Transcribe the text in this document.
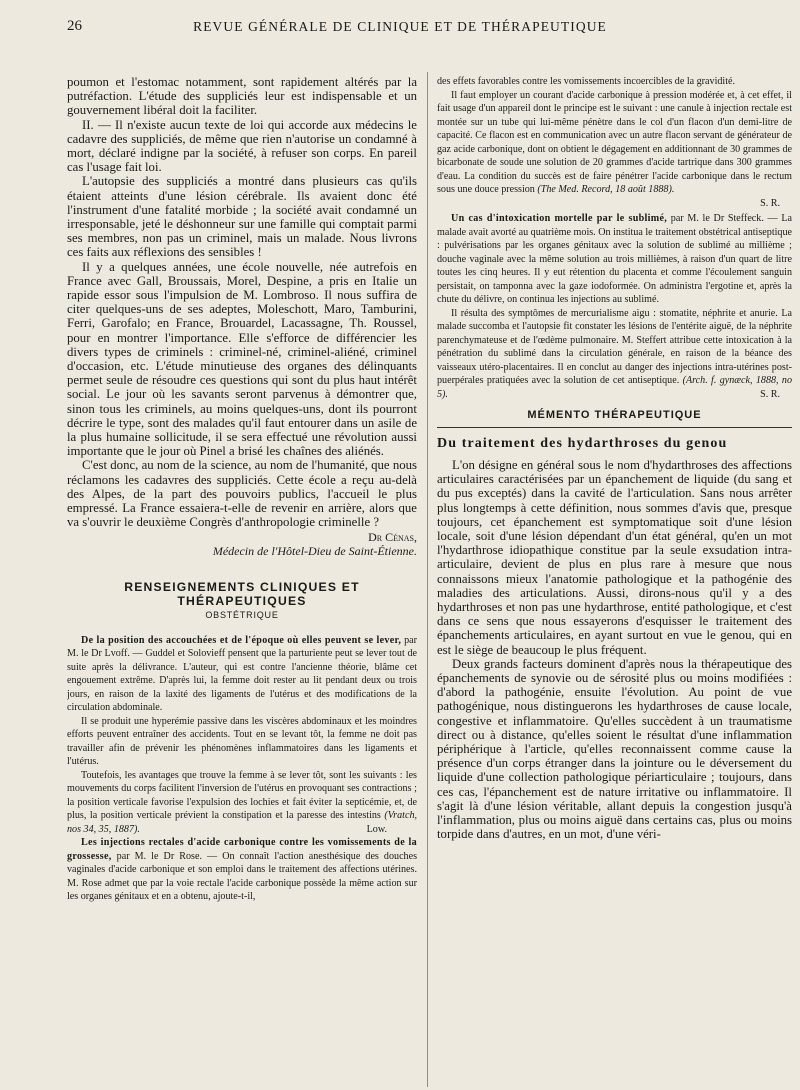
26	REVUE GÉNÉRALE DE CLINIQUE ET DE THÉRAPEUTIQUE

poumon et l'estomac notamment, sont rapidement altérés par la putréfaction. L'étude des suppliciés leur est indispensable et un gouvernement libéral doit la faciliter.

II. — Il n'existe aucun texte de loi qui accorde aux médecins le cadavre des suppliciés, de même que rien n'autorise un condamné à mort, déclaré indigne par la société, à refuser son corps. En pareil cas l'usage fait loi.

L'autopsie des suppliciés a montré dans plusieurs cas qu'ils étaient atteints d'une lésion cérébrale. Ils avaient donc été l'instrument d'une fatalité morbide ; la société avait condamné un irresponsable, jeté le déshonneur sur une famille qui comptait parmi ses membres, non pas un criminel, mais un malade. Nous livrons ces faits aux réflexions des sensibles !

Il y a quelques années, une école nouvelle, née autrefois en France avec Gall, Broussais, Morel, Despine, a pris en Italie un rapide essor sous l'impulsion de M. Lombroso. Il nous suffira de citer quelques-uns de ses adeptes, Moleschott, Maro, Tamburini, Ferri, Garofalo; en France, Brouardel, Lacassagne, Th. Roussel, pour en montrer l'importance. Elle s'efforce de différencier les divers types de criminels : criminel-né, criminel-aliéné, criminel d'occasion, etc. L'étude minutieuse des organes des délinquants permet seule de résoudre ces questions qui sont du plus haut intérêt social. Le jour où les savants seront parvenus à démontrer que, sinon tous les criminels, au moins quelques-uns, dont ils pourront décrire le type, sont des malades qu'il faut entourer dans un asile de la plus humaine sollicitude, il se sera effectué une révolution aussi importante que le jour où Pinel a brisé les chaînes des aliénés.

C'est donc, au nom de la science, au nom de l'humanité, que nous réclamons les cadavres des suppliciés. Cette école a reçu au-delà des Alpes, de la part des pouvoirs publics, l'accueil le plus empressé. La France essaiera-t-elle de revenir en arrière, alors que va s'ouvrir le deuxième Congrès d'anthropologie criminelle ?

Dr Cénas,
Médecin de l'Hôtel-Dieu de Saint-Étienne.
RENSEIGNEMENTS CLINIQUES ET THÉRAPEUTIQUES
OBSTÉTRIQUE

De la position des accouchées et de l'époque où elles peuvent se lever, par M. le Dr Lvoff. — Guddel et Solovieff pensent que la parturiente peut se lever tout de suite après la délivrance. L'auteur, qui est contre l'ancienne théorie, blâme cet engouement extrême. D'après lui, la femme doit rester au lit pendant deux ou trois jours, en raison de la laxité des ligaments de l'utérus et des modifications de la circulation abdominale.

Il se produit une hyperémie passive dans les viscères abdominaux et les moindres efforts peuvent entraîner des accidents. Tout en se levant tôt, la femme ne doit pas travailler afin de prévenir les phénomènes inflammatoires dans les ligaments et l'utérus.

Toutefois, les avantages que trouve la femme à se lever tôt, sont les suivants : les mouvements du corps facilitent l'inversion de l'utérus en provoquant ses contractions ; la position verticale favorise l'expulsion des lochies et fait éviter la septicémie, et, de plus, la position verticale prévient la constipation et la paresse des intestins (Vratch, nos 34, 35, 1887).	Low.

Les injections rectales d'acide carbonique contre les vomissements de la grossesse, par M. le Dr Rose. — On connaît l'action anesthésique des douches vaginales d'acide carbonique et son emploi dans le traitement des affections utérines. M. Rose admet que par la voie rectale l'acide carbonique possède la même action sur les organes génitaux et en a obtenu, ajoute-t-il,

des effets favorables contre les vomissements incoercibles de la gravidité.

Il faut employer un courant d'acide carbonique à pression modérée et, à cet effet, il fait usage d'un appareil dont le principe est le suivant : une canule à injection rectale est montée sur un tube qui lui-même pénètre dans le col d'un flacon d'un demi-litre de capacité. Ce flacon est en communication avec un autre flacon servant de générateur de gaz acide carbonique, dont on obtient le dégagement en additionnant de 30 grammes de bicarbonate de soude une solution de 20 grammes d'acide tartrique dans 300 grammes d'eau. La condition du succès est de faire pénétrer l'acide carbonique dans le rectum sous une douce pression (The Med. Record, 18 août 1888).

S. R.

Un cas d'intoxication mortelle par le sublimé, par M. le Dr Steffeck. — La malade avait avorté au quatrième mois. On institua le traitement obstétrical antiseptique : pulvérisations par les organes génitaux avec la solution de sublimé au millième ; douche vaginale avec la même solution au trois millièmes, à raison d'un quart de litre toutes les cinq heures. Il y eut rétention du placenta et comme l'écoulement sanguin persistait, on tamponna avec la gaze iodoformée. On administra l'ergotine et, après la chute du délivre, on continua les injections au sublimé.

Il résulta des symptômes de mercurialisme aigu : stomatite, néphrite et anurie. La malade succomba et l'autopsie fit constater les lésions de l'entérite aiguë, de la néphrite parenchymateuse et de l'œdème pulmonaire. M. Steffert attribue cette intoxication à la pénétration du sublimé dans la circulation générale, en raison de la béance des vaisseaux utéro-placentaires. Il en conclut au danger des injections intra-utérines post-puerpérales pratiquées avec la solution de cet antiseptique. (Arch. f. gynæck, 1888, no 5).	S. R.

MÉMENTO THÉRAPEUTIQUE
Du traitement des hydarthroses du genou

L'on désigne en général sous le nom d'hydarthroses des affections articulaires caractérisées par un épanchement de liquide (du sang et du pus exceptés) dans la cavité de l'articulation. Sans nous arrêter plus longtemps à cette définition, nous sommes d'avis que, presque toujours, cet épanchement est symptomatique soit d'une lésion locale, soit d'une lésion dépendant d'un état général, qu'en un mot l'hydarthrose idiopathique constitue par la seule exsudation intra-articulaire, devient de plus en plus rare à mesure que nous connaissons mieux l'anatomie pathologique et la pathogénie des maladies des articulations. Aussi, dirons-nous qu'il y a des hydarthroses et non pas une hydarthrose, entité pathologique, et c'est dans ce sens que nous essayerons d'esquisser le traitement des épanchements articulaires, en ayant surtout en vue le genou, qui en est le siège de beaucoup le plus fréquent.

Deux grands facteurs dominent d'après nous la thérapeutique des épanchements de synovie ou de sérosité plus ou moins modifiées : d'abord la pathogénie, ensuite l'évolution. Au point de vue pathogénique, nous distinguerons les hydarthroses de cause locale, congestive et inflammatoire. Qu'elles succèdent à un traumatisme direct ou à distance, qu'elles soient le résultat d'une inflammation périphérique à l'article, qu'elles reconnaissent comme cause la présence d'un corps étranger dans la jointure ou le déversement du liquide d'une collection pathologique périarticulaire ; toujours, dans ces cas, l'épanchement est de nature irritative ou inflammatoire. Il s'agit là d'une lésion véritable, allant depuis la congestion jusqu'à l'inflammation, plus ou moins aiguë dans certains cas, plus ou moins torpide dans d'autres, en un mot, d'une véri-
